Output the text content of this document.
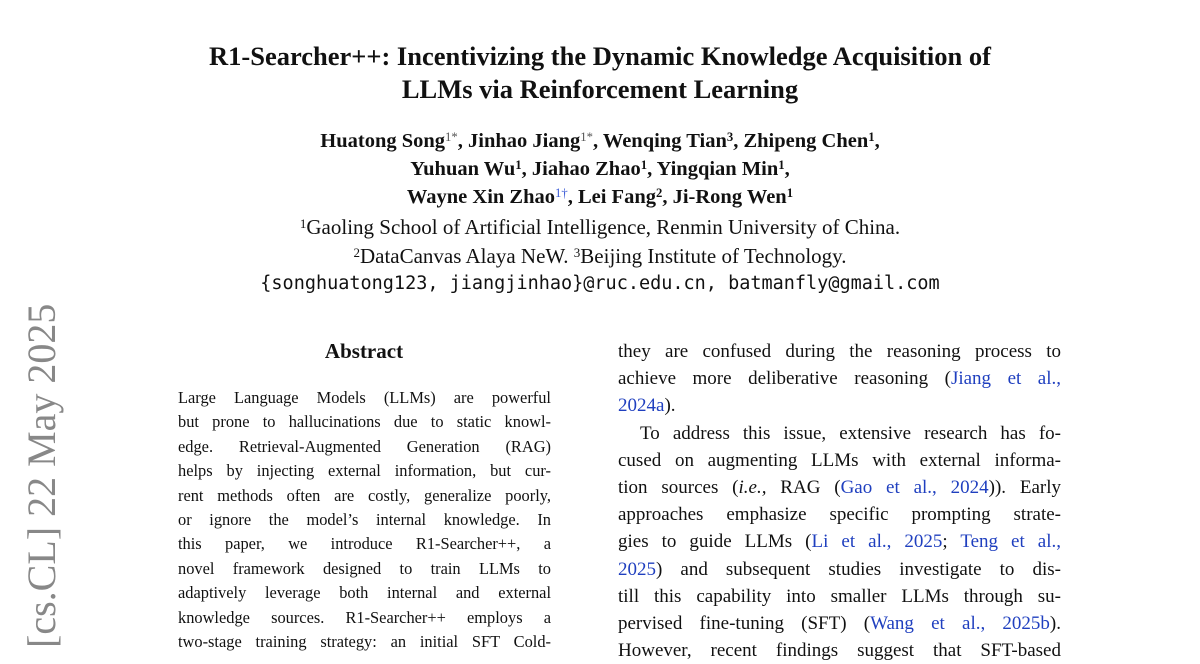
R1-Searcher++: Incentivizing the Dynamic Knowledge Acquisition of
LLMs via Reinforcement Learning
Huatong Song$^{1*}$, Jinhao Jiang$^{1*}$, Wenqing Tian$^3$, Zhipeng Chen$^1$,
Yuhuan Wu$^1$, Jiahao Zhao$^1$, Yingqian Min$^1$,
Wayne Xin Zhao$^{1\dagger}$, Lei Fang$^2$, Ji-Rong Wen$^1$
$^1$Gaoling School of Artificial Intelligence, Renmin University of China.
$^2$DataCanvas Alaya NeW. $^3$Beijing Institute of Technology.
{songhuatong123, jiangjinhao}@ruc.edu.cn, batmanfly@gmail.com
Abstract
Large Language Models (LLMs) are powerful
but prone to hallucinations due to static knowl-
edge. Retrieval-Augmented Generation (RAG)
helps by injecting external information, but cur-
rent methods often are costly, generalize poorly,
or ignore the model’s internal knowledge. In
this paper, we introduce R1-Searcher++, a
novel framework designed to train LLMs to
adaptively leverage both internal and external
knowledge sources. R1-Searcher++ employs a
two-stage training strategy: an initial SFT Cold-
they are confused during the reasoning process to
achieve more deliberative reasoning (Jiang et al.,
2024a).
To address this issue, extensive research has fo-
cused on augmenting LLMs with external informa-
tion sources (i.e., RAG (Gao et al., 2024)). Early
approaches emphasize specific prompting strate-
gies to guide LLMs (Li et al., 2025; Teng et al.,
2025) and subsequent studies investigate to dis-
till this capability into smaller LLMs through su-
pervised fine-tuning (SFT) (Wang et al., 2025b).
However, recent findings suggest that SFT-based
[cs.CL] 22 May 2025
